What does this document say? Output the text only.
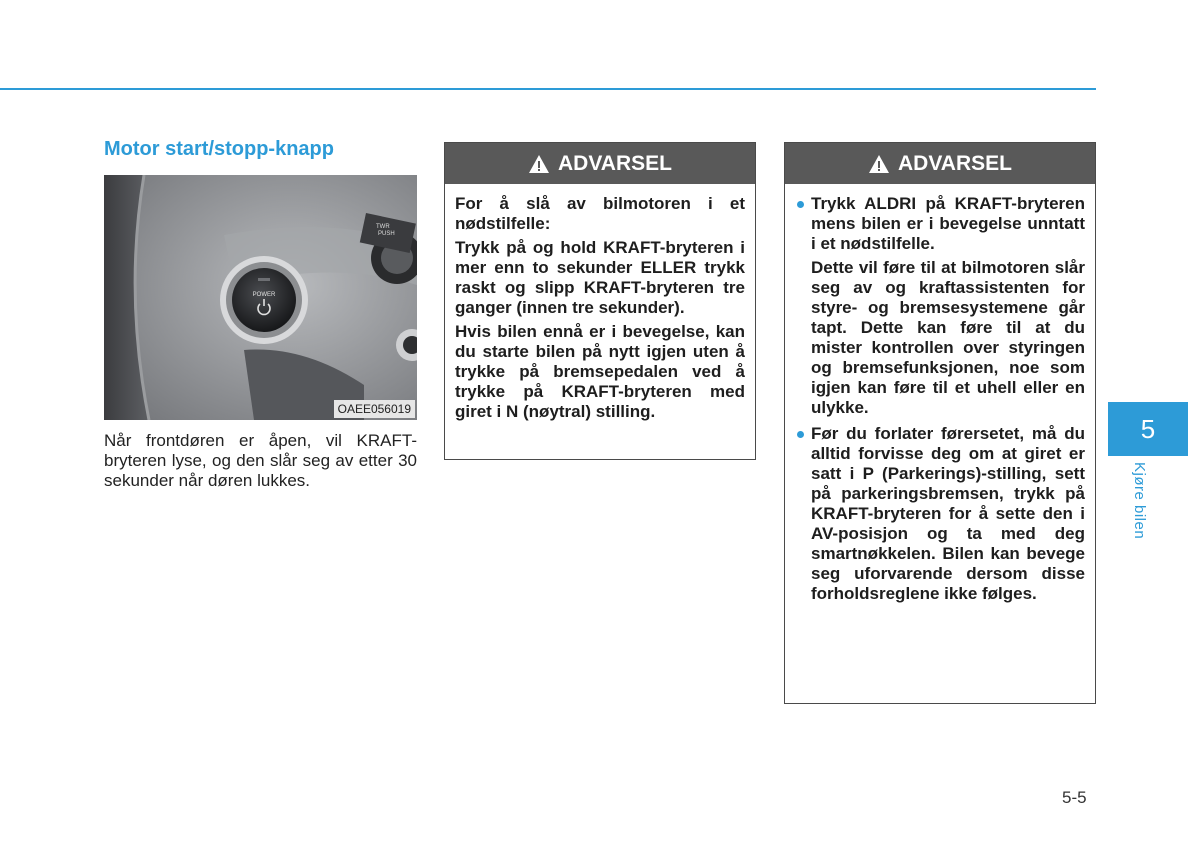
Motor start/stopp-knapp
POWER
TWR
PUSH
OAEE056019

Når frontdøren er åpen, vil KRAFT-bryteren lyse, og den slår seg av etter 30 sekunder når døren lukkes.

ADVARSEL

For å slå av bilmotoren i et nødstilfelle:

Trykk på og hold KRAFT-bryteren i mer enn to sekunder ELLER trykk raskt og slipp KRAFT-bryteren tre ganger (innen tre sekunder).

Hvis bilen ennå er i bevegelse, kan du starte bilen på nytt igjen uten å trykke på bremsepedalen ved å trykke på KRAFT-bryteren med giret i N (nøytral) stilling.

ADVARSEL

Trykk ALDRI på KRAFT-bryteren mens bilen er i bevegelse unntatt i et nødstilfelle.

Dette vil føre til at bilmotoren slår seg av og kraftassistenten for styre- og bremsesystemene går tapt. Dette kan føre til at du mister kontrollen over styringen og bremsefunksjonen, noe som igjen kan føre til et uhell eller en ulykke.

Før du forlater førersetet, må du alltid forvisse deg om at giret er satt i P (Parkerings)-stilling, sett på parkeringsbremsen, trykk på KRAFT-bryteren for å sette den i AV-posisjon og ta med deg smartnøkkelen. Bilen kan bevege seg uforvarende dersom disse forholdsreglene ikke følges.

5
Kjøre bilen
5-5
